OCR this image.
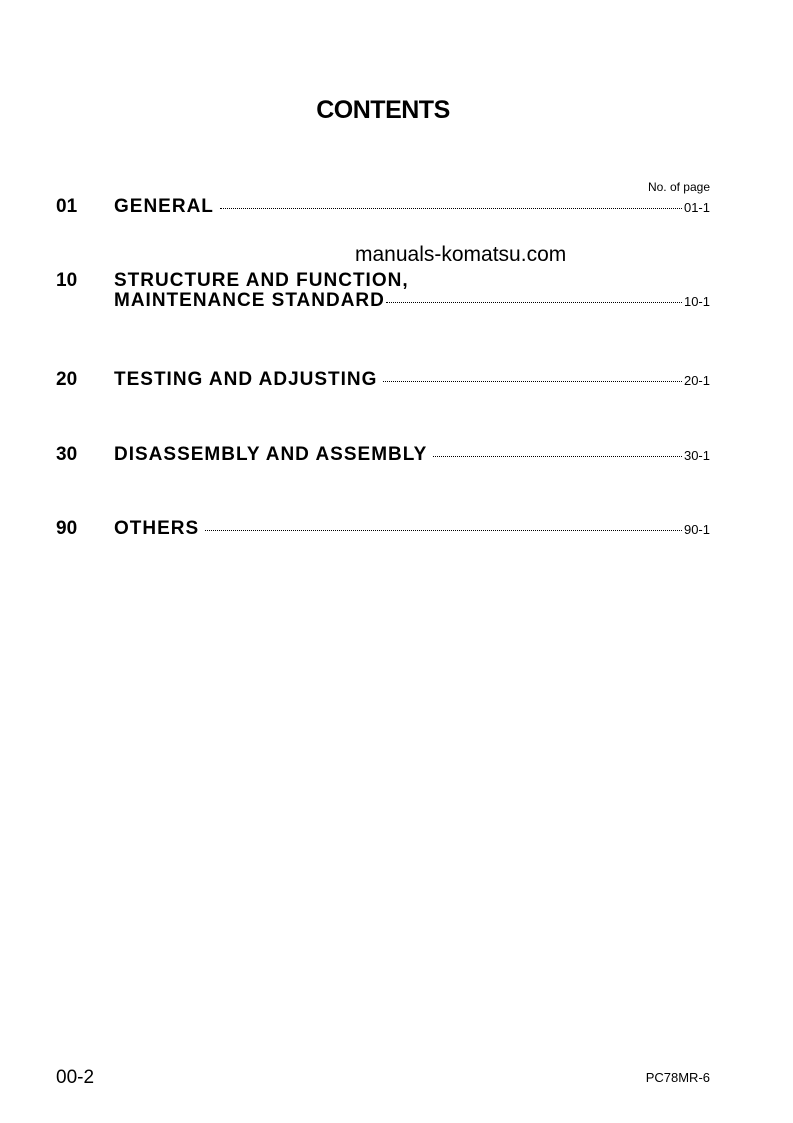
CONTENTS
No. of page
01 GENERAL	01-1
10 STRUCTURE AND FUNCTION,
MAINTENANCE STANDARD	10-1
20 TESTING AND ADJUSTING	20-1
30 DISASSEMBLY AND ASSEMBLY	30-1
90 OTHERS	90-1
manuals-komatsu.com
00-2	PC78MR-6
